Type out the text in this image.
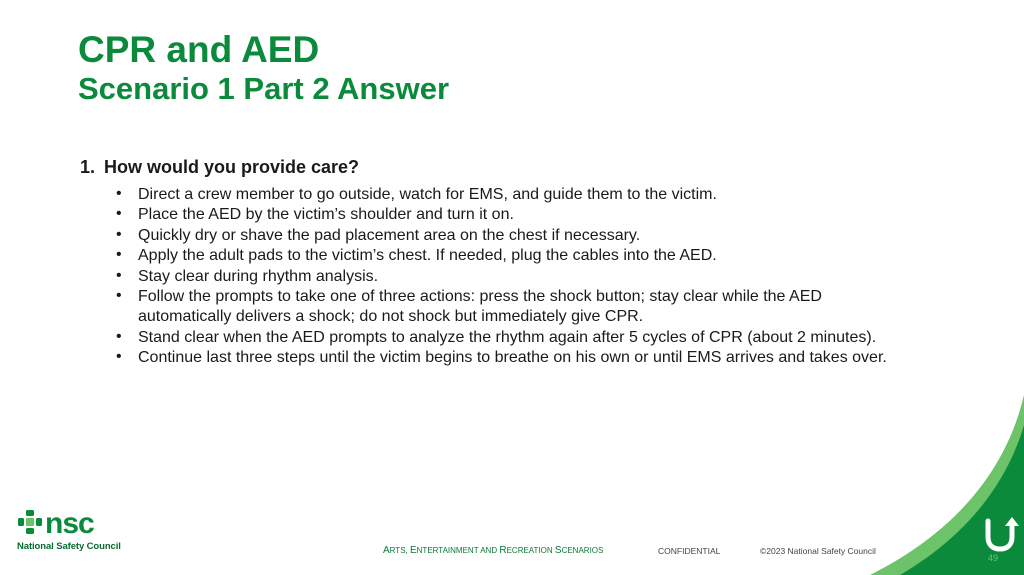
CPR and AED
Scenario 1 Part 2 Answer
1. How would you provide care?
• Direct a crew member to go outside, watch for EMS, and guide them to the victim.
• Place the AED by the victim’s shoulder and turn it on.
• Quickly dry or shave the pad placement area on the chest if necessary.
• Apply the adult pads to the victim’s chest. If needed, plug the cables into the AED.
• Stay clear during rhythm analysis.
• Follow the prompts to take one of three actions: press the shock button; stay clear while the AED automatically delivers a shock; do not shock but immediately give CPR.
• Stand clear when the AED prompts to analyze the rhythm again after 5 cycles of CPR (about 2 minutes).
• Continue last three steps until the victim begins to breathe on his own or until EMS arrives and takes over.
nsc
National Safety Council	ARTS, ENTERTAINMENT AND RECREATION SCENARIOS	CONFIDENTIAL	©2023 National Safety Council
49
